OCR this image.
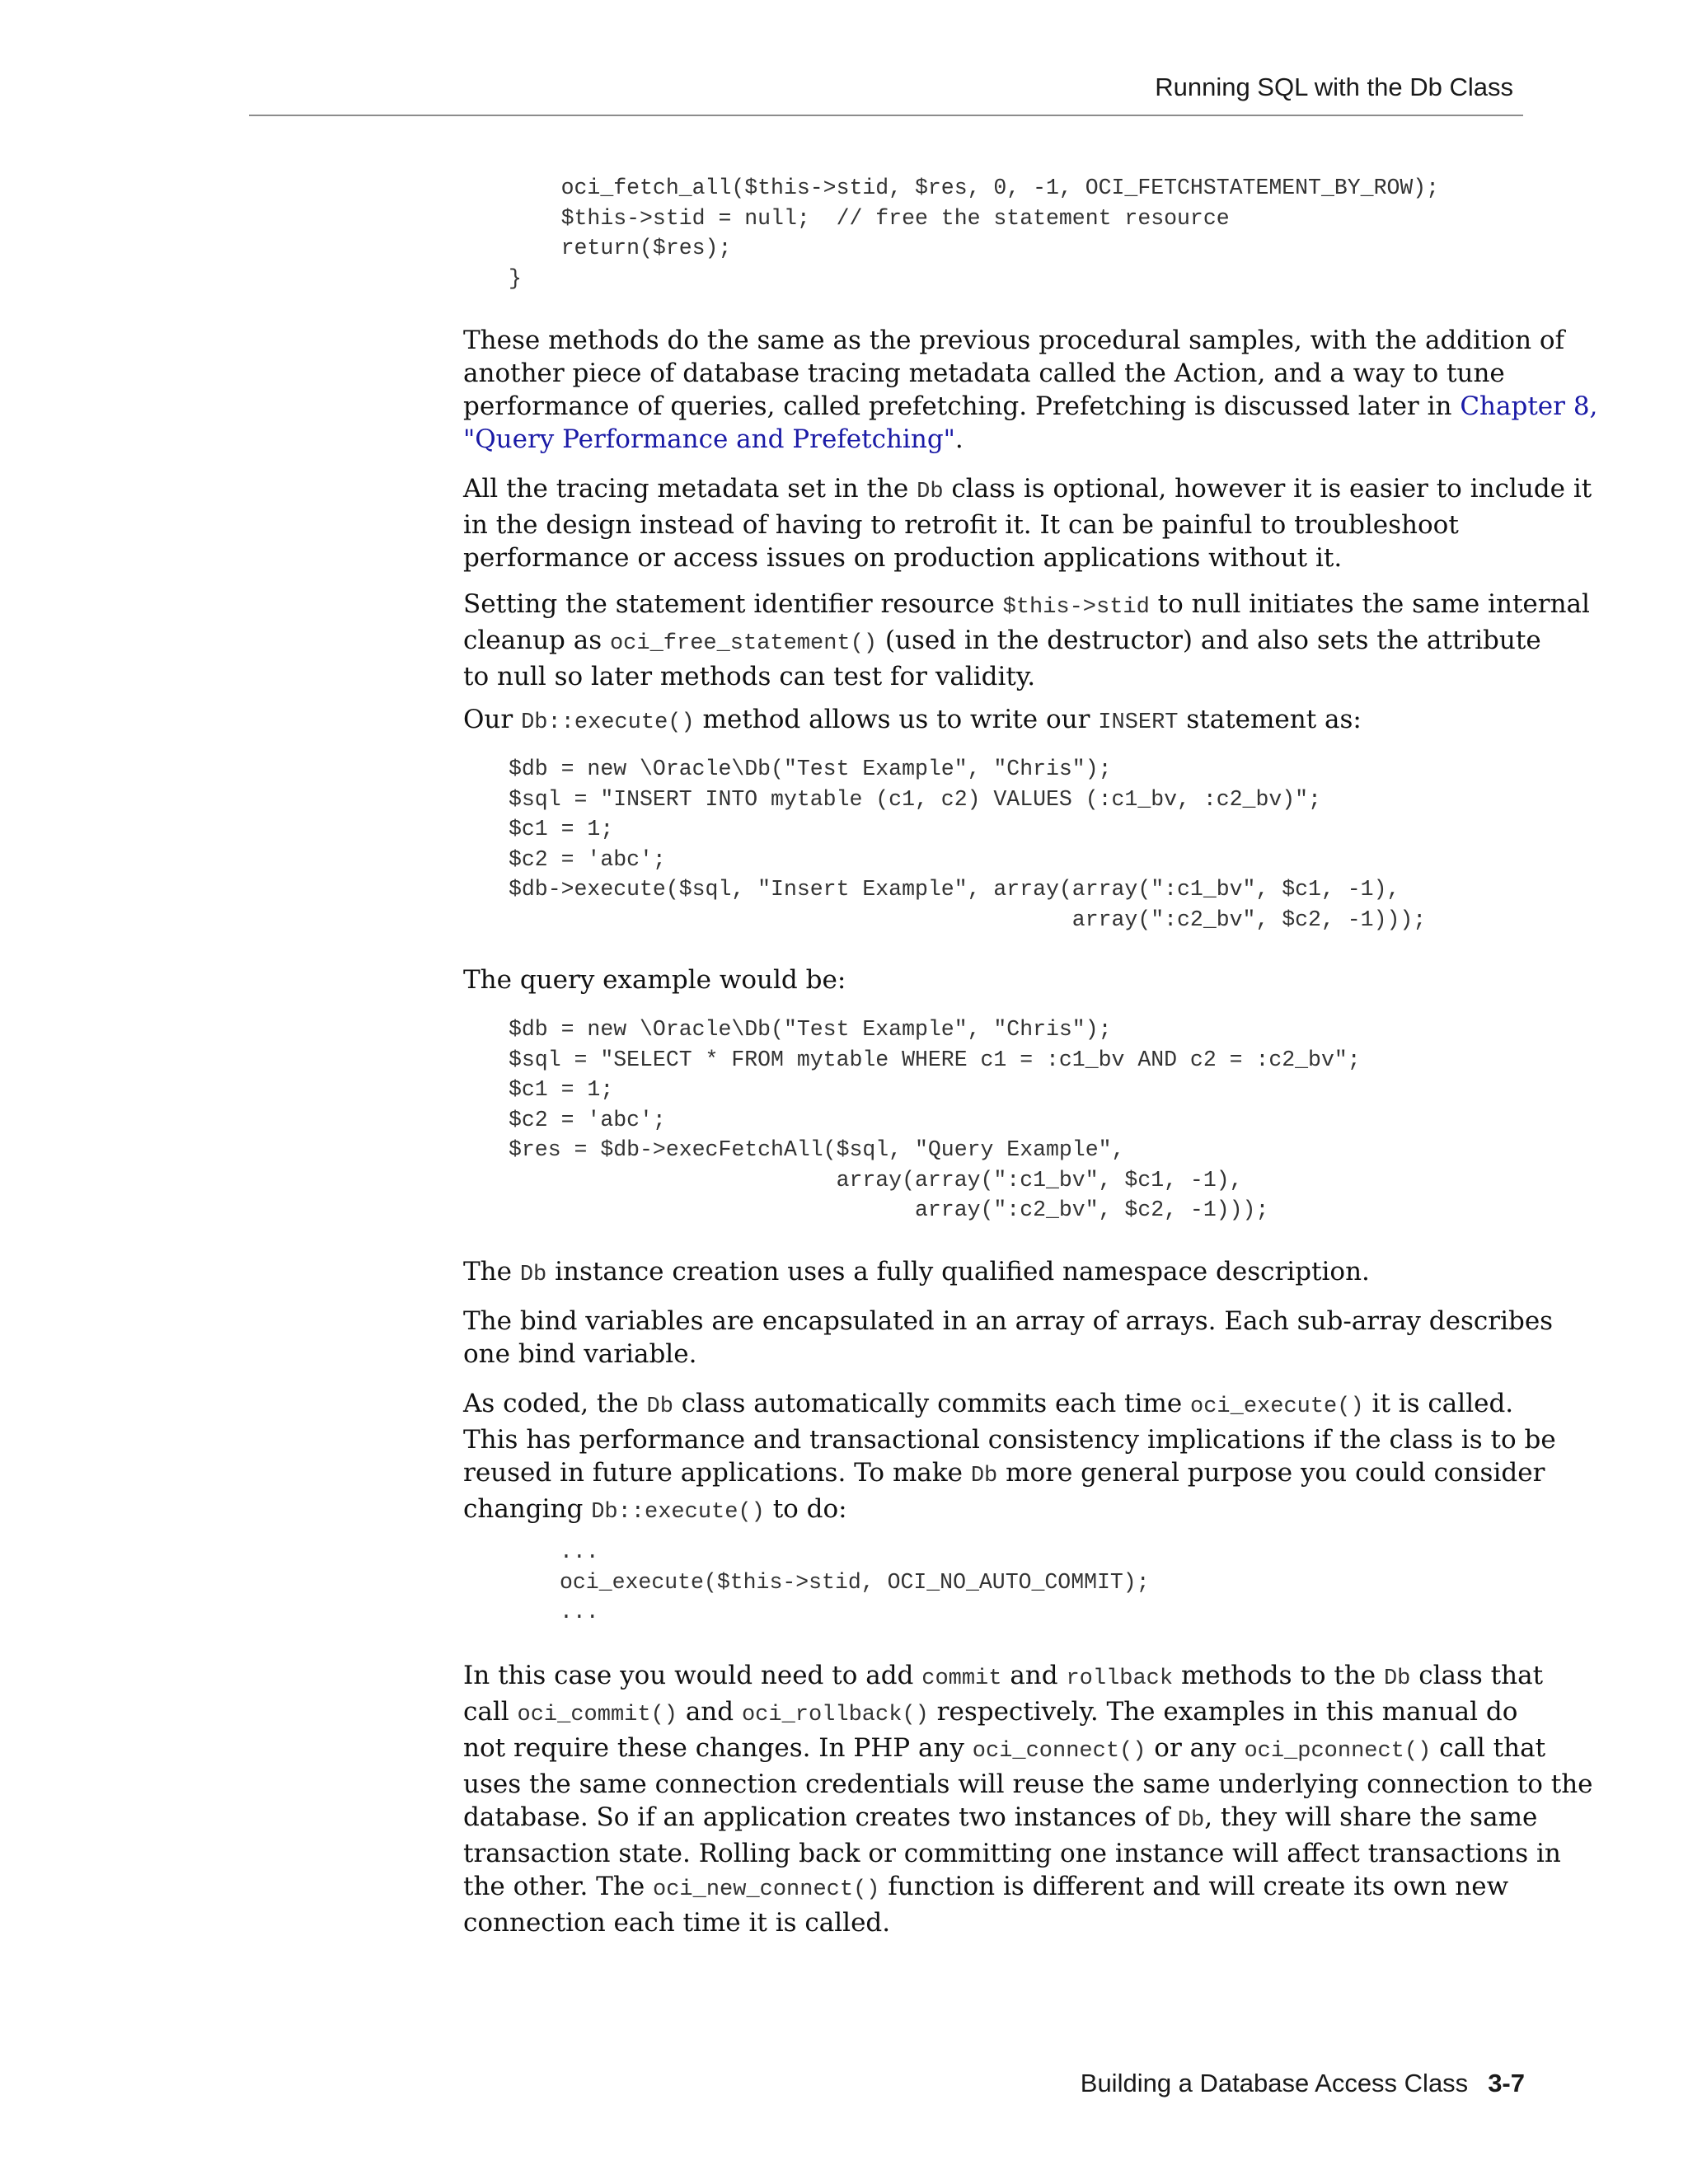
Running SQL with the Db Class
oci_fetch_all($this->stid, $res, 0, -1, OCI_FETCHSTATEMENT_BY_ROW);
$this->stid = null;  // free the statement resource
return($res);
}

These methods do the same as the previous procedural samples, with the addition of
another piece of database tracing metadata called the Action, and a way to tune
performance of queries, called prefetching. Prefetching is discussed later in Chapter 8,
"Query Performance and Prefetching".

All the tracing metadata set in the Db class is optional, however it is easier to include it
in the design instead of having to retrofit it. It can be painful to troubleshoot
performance or access issues on production applications without it.

Setting the statement identifier resource $this->stid to null initiates the same internal
cleanup as oci_free_statement() (used in the destructor) and also sets the attribute
to null so later methods can test for validity.

Our Db::execute() method allows us to write our INSERT statement as:

$db = new \Oracle\Db("Test Example", "Chris");
$sql = "INSERT INTO mytable (c1, c2) VALUES (:c1_bv, :c2_bv)";
$c1 = 1;
$c2 = 'abc';
$db->execute($sql, "Insert Example", array(array(":c1_bv", $c1, -1),
array(":c2_bv", $c2, -1)));

The query example would be:

$db = new \Oracle\Db("Test Example", "Chris");
$sql = "SELECT * FROM mytable WHERE c1 = :c1_bv AND c2 = :c2_bv";
$c1 = 1;
$c2 = 'abc';
$res = $db->execFetchAll($sql, "Query Example",
array(array(":c1_bv", $c1, -1),
array(":c2_bv", $c2, -1)));

The Db instance creation uses a fully qualified namespace description.

The bind variables are encapsulated in an array of arrays. Each sub-array describes
one bind variable.

As coded, the Db class automatically commits each time oci_execute() it is called.
This has performance and transactional consistency implications if the class is to be
reused in future applications. To make Db more general purpose you could consider
changing Db::execute() to do:

...
oci_execute($this->stid, OCI_NO_AUTO_COMMIT);
...

In this case you would need to add commit and rollback methods to the Db class that
call oci_commit() and oci_rollback() respectively. The examples in this manual do
not require these changes. In PHP any oci_connect() or any oci_pconnect() call that
uses the same connection credentials will reuse the same underlying connection to the
database. So if an application creates two instances of Db, they will share the same
transaction state. Rolling back or committing one instance will affect transactions in
the other. The oci_new_connect() function is different and will create its own new
connection each time it is called.

Building a Database Access Class 3-7
